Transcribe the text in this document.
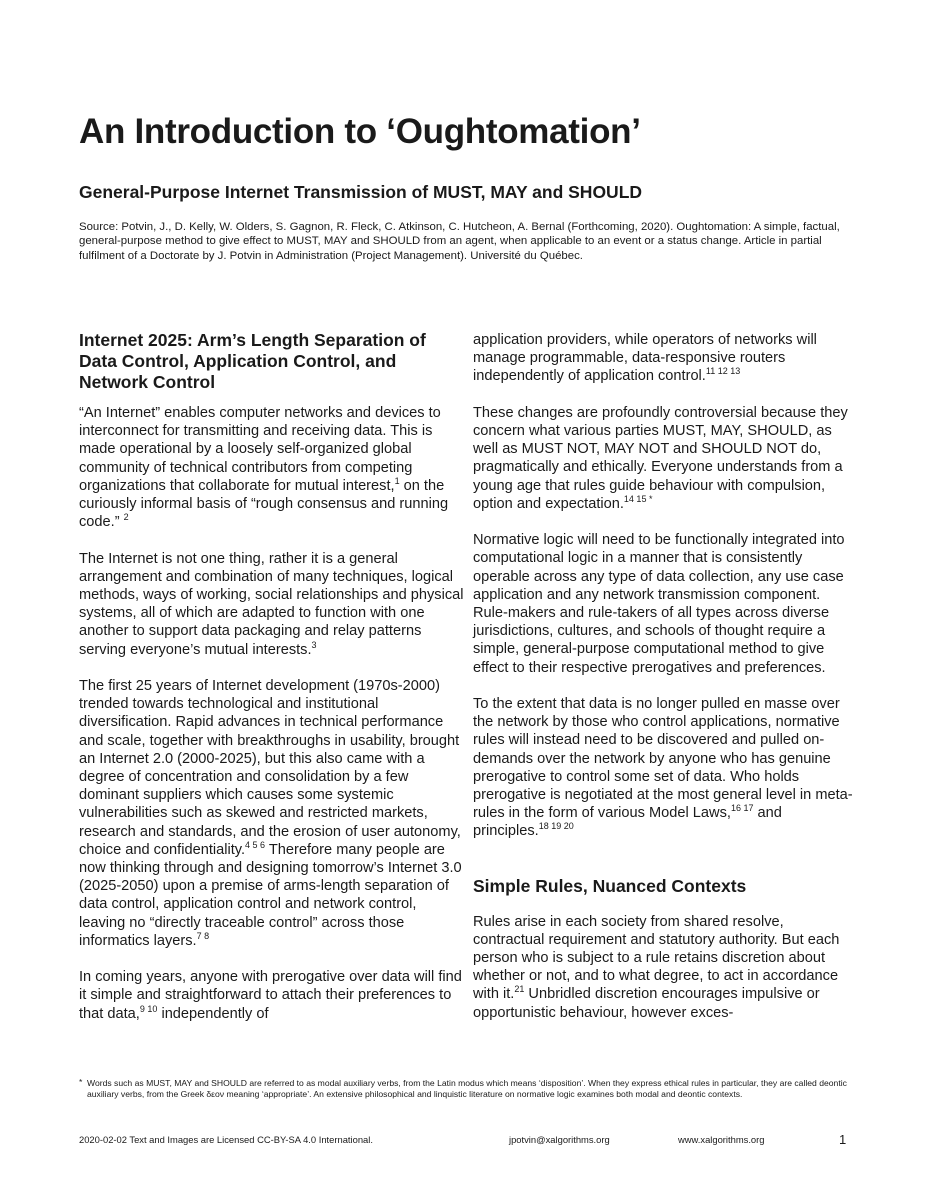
An Introduction to ‘Oughtomation’
General-Purpose Internet Transmission of MUST, MAY and SHOULD

Source: Potvin, J., D. Kelly, W. Olders, S. Gagnon, R. Fleck, C. Atkinson, C. Hutcheon, A. Bernal (Forthcoming, 2020). Oughtomation: A simple, factual, general-purpose method to give effect to MUST, MAY and SHOULD from an agent, when applicable to an event or a status change. Article in partial fulfilment of a Doctorate by J. Potvin in Administration (Project Management). Université du Québec.

Internet 2025: Arm’s Length Separation of Data Control, Application Control, and Network Control

“An Internet” enables computer networks and devices to interconnect for transmitting and receiving data. This is made operational by a loosely self-organized global community of technical contributors from competing organizations that collaborate for mutual interest,$^1$ on the curiously informal basis of “rough consensus and running code.” $^2$

The Internet is not one thing, rather it is a general arrangement and combination of many techniques, logical methods, ways of working, social relationships and physical systems, all of which are adapted to function with one another to support data packaging and relay patterns serving everyone’s mutual interests.$^3$

The first 25 years of Internet development (1970s-2000) trended towards technological and institutional diversification. Rapid advances in technical performance and scale, together with breakthroughs in usability, brought an Internet 2.0 (2000-2025), but this also came with a degree of concentration and consolidation by a few dominant suppliers which causes some systemic vulnerabilities such as skewed and restricted markets, research and standards, and the erosion of user autonomy, choice and confidentiality.$^{4 5 6}$ Therefore many people are now thinking through and designing tomorrow’s Internet 3.0 (2025-2050) upon a premise of arms-length separation of data control, application control and network control, leaving no “directly traceable control” across those informatics layers.$^{7 8}$

In coming years, anyone with prerogative over data will find it simple and straightforward to attach their preferences to that data,$^{9 10}$ independently of

application providers, while operators of networks will manage programmable, data-responsive routers independently of application control.$^{11 12 13}$

These changes are profoundly controversial because they concern what various parties MUST, MAY, SHOULD, as well as MUST NOT, MAY NOT and SHOULD NOT do, pragmatically and ethically. Everyone understands from a young age that rules guide behaviour with compulsion, option and expectation.$^{14 15 *}$

Normative logic will need to be functionally integrated into computational logic in a manner that is consistently operable across any type of data collection, any use case application and any network transmission component. Rule-makers and rule-takers of all types across diverse jurisdictions, cultures, and schools of thought require a simple, general-purpose computational method to give effect to their respective prerogatives and preferences.

To the extent that data is no longer pulled en masse over the network by those who control applications, normative rules will instead need to be discovered and pulled on-demands over the network by anyone who has genuine prerogative to control some set of data. Who holds prerogative is negotiated at the most general level in meta-rules in the form of various Model Laws,$^{16 17}$ and principles.$^{18 19 20}$

Simple Rules, Nuanced Contexts

Rules arise in each society from shared resolve, contractual requirement and statutory authority. But each person who is subject to a rule retains discretion about whether or not, and to what degree, to act in accordance with it.$^{21}$ Unbridled discretion encourages impulsive or opportunistic behaviour, however exces-

* Words such as MUST, MAY and SHOULD are referred to as modal auxiliary verbs, from the Latin modus which means ‘disposition’. When they express ethical rules in particular, they are called deontic auxiliary verbs, from the Greek δεον meaning ‘appropriate’. An extensive philosophical and linquistic literature on normative logic examines both modal and deontic contexts.
2020-02-02 Text and Images are Licensed CC-BY-SA 4.0 International.	jpotvin@xalgorithms.org	www.xalgorithms.org	1
